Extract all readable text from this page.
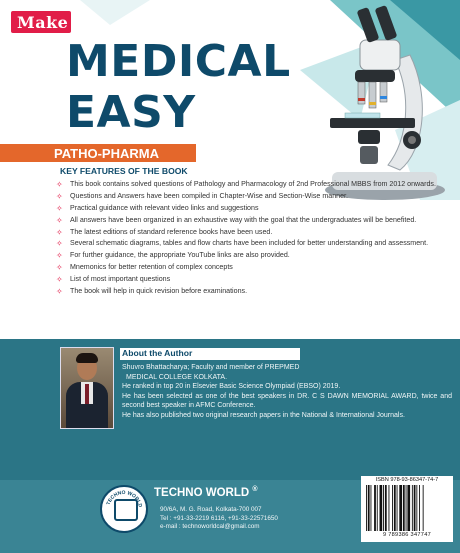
Make
MEDICAL
EASY
PATHO-PHARMA
KEY FEATURES OF THE BOOK
✧ This book contains solved questions of Pathology and Pharmacology of 2nd Professional MBBS from 2012 onwards.
✧ Questions and Answers have been compiled in Chapter-Wise and Section-Wise manner.
✧ Practical guidance with relevant video links and suggestions
✧ All answers have been organized in an exhaustive way with the goal that the undergraduates will be benefited.
✧ The latest editions of standard reference books have been used.
✧ Several schematic diagrams, tables and flow charts have been included for better understanding and assessment.
✧ For further guidance, the appropriate YouTube links are also provided.
✧ Mnemonics for better retention of complex concepts
✧ List of most important questions
✧ The book will help in quick revision before examinations.
About the Author

Shuvro Bhattacharya; Faculty and member of PREPMED

MEDICAL COLLEGE KOLKATA.

He ranked in top 20 in Elsevier Basic Science Olympiad (EBSO) 2019.

He has been selected as one of the best speakers in DR. C S DAWN MEMORIAL AWARD, twice and second best speaker in AFMC Conference.

He has also published two original research papers in the National & International Journals.

TECHNO WORLD
TECHNO WORLD ®
90/6A, M. G. Road, Kolkata-700 007
Tel : +91-33-2219 6116, +91-33-22571650
e-mail : technoworldcal@gmail.com
ISBN 978-93-86347-74-7
9 789386 347747
